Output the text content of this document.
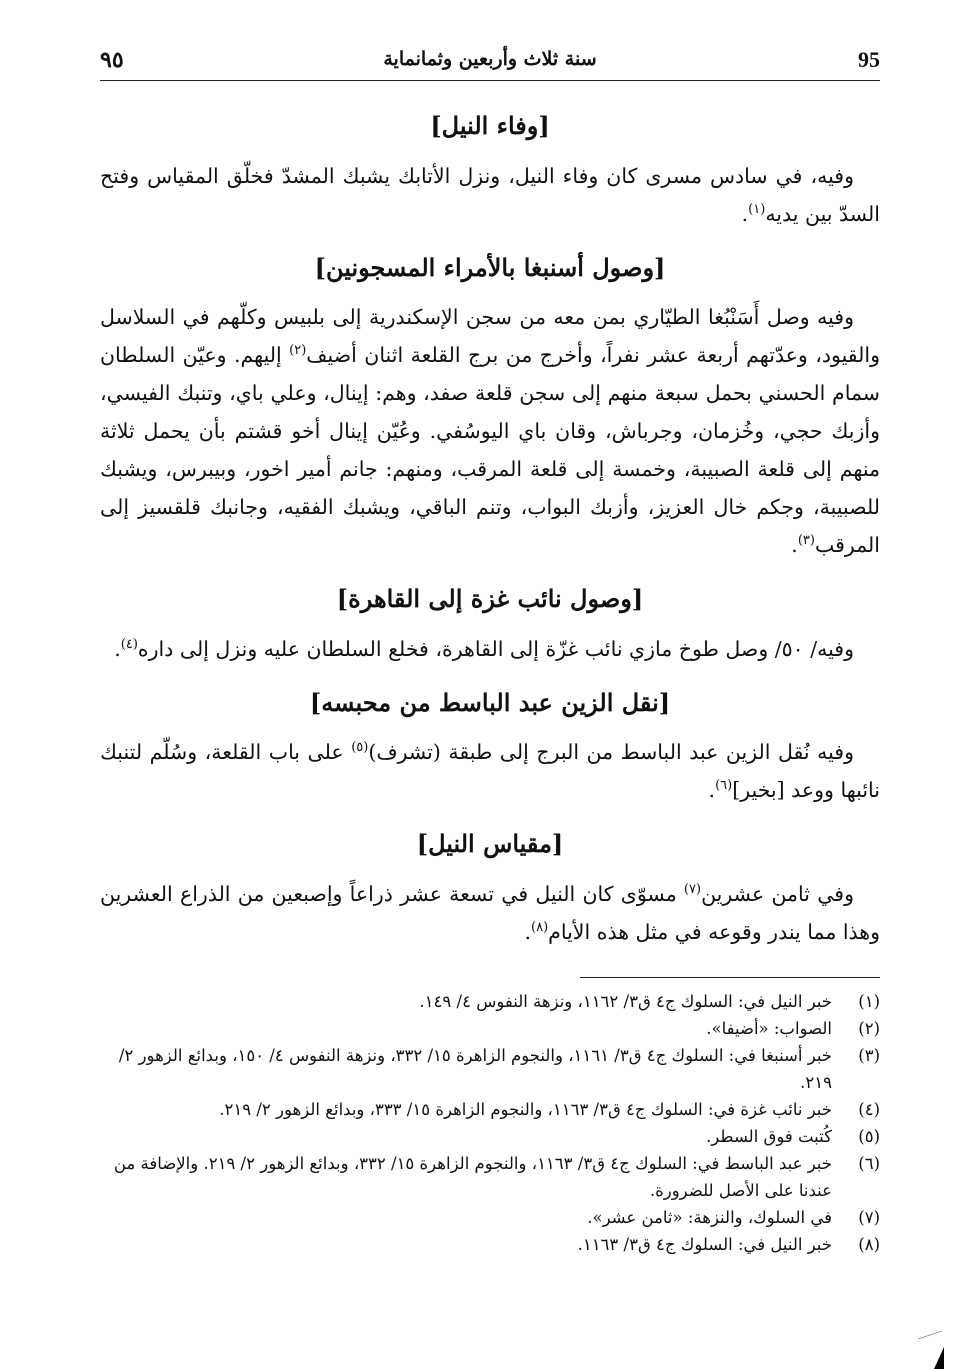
95
سنة ثلاث وأربعين وثمانماية
٩٥
[وفاء النيل]

وفيه، في سادس مسرى كان وفاء النيل، ونزل الأتابك يشبك المشدّ فخلّق المقياس وفتح السدّ بين يديه$^{(١)}$.

[وصول أسنبغا بالأمراء المسجونين]

وفيه وصل أَسَنْبُغا الطيّاري بمن معه من سجن الإسكندرية إلى بلبيس وكلّهم في السلاسل والقيود، وعدّتهم أربعة عشر نفراً، وأخرج من برج القلعة اثنان أضيف$^{(٢)}$ إليهم. وعيّن السلطان سمام الحسني بحمل سبعة منهم إلى سجن قلعة صفد، وهم: إينال، وعلي باي، وتنبك الفيسي، وأزبك حجي، وخُزمان، وجرباش، وقان باي اليوسُفي. وعُيّن إينال أخو قشتم بأن يحمل ثلاثة منهم إلى قلعة الصبيبة، وخمسة إلى قلعة المرقب، ومنهم: جانم أمير اخور، وبيبرس، ويشبك للصبيبة، وجكم خال العزيز، وأزبك البواب، وتنم الباقي، ويشبك الفقيه، وجانبك قلقسيز إلى المرقب$^{(٣)}$.

[وصول نائب غزة إلى القاهرة]

وفيه/ ٥٠/ وصل طوخ مازي نائب غزّة إلى القاهرة، فخلع السلطان عليه ونزل إلى داره$^{(٤)}$.

[نقل الزين عبد الباسط من محبسه]

وفيه نُقل الزين عبد الباسط من البرج إلى طبقة (تشرف)$^{(٥)}$ على باب القلعة، وسُلّم لتنبك نائبها ووعد [بخير]$^{(٦)}$.

[مقياس النيل]

وفي ثامن عشرين$^{(٧)}$ مسوّى كان النيل في تسعة عشر ذراعاً وإصبعين من الذراع العشرين وهذا مما يندر وقوعه في مثل هذه الأيام$^{(٨)}$.

(١)
خبر النيل في: السلوك ج٤ ق٣/ ١١٦٢، ونزهة النفوس ٤/ ١٤٩.
(٢)
الصواب: «أضيفا».
(٣)
خبر أسنبغا في: السلوك ج٤ ق٣/ ١١٦١، والنجوم الزاهرة ١٥/ ٣٣٢، ونزهة النفوس ٤/ ١٥٠، وبدائع الزهور ٢/ ٢١٩.
(٤)
خبر نائب غزة في: السلوك ج٤ ق٣/ ١١٦٣، والنجوم الزاهرة ١٥/ ٣٣٣، وبدائع الزهور ٢/ ٢١٩.
(٥)
كُتبت فوق السطر.
(٦)
خبر عبد الباسط في: السلوك ج٤ ق٣/ ١١٦٣، والنجوم الزاهرة ١٥/ ٣٣٢، وبدائع الزهور ٢/ ٢١٩. والإضافة من عندنا على الأصل للضرورة.
(٧)
في السلوك، والنزهة: «ثامن عشر».
(٨)
خبر النيل في: السلوك ج٤ ق٣/ ١١٦٣.
